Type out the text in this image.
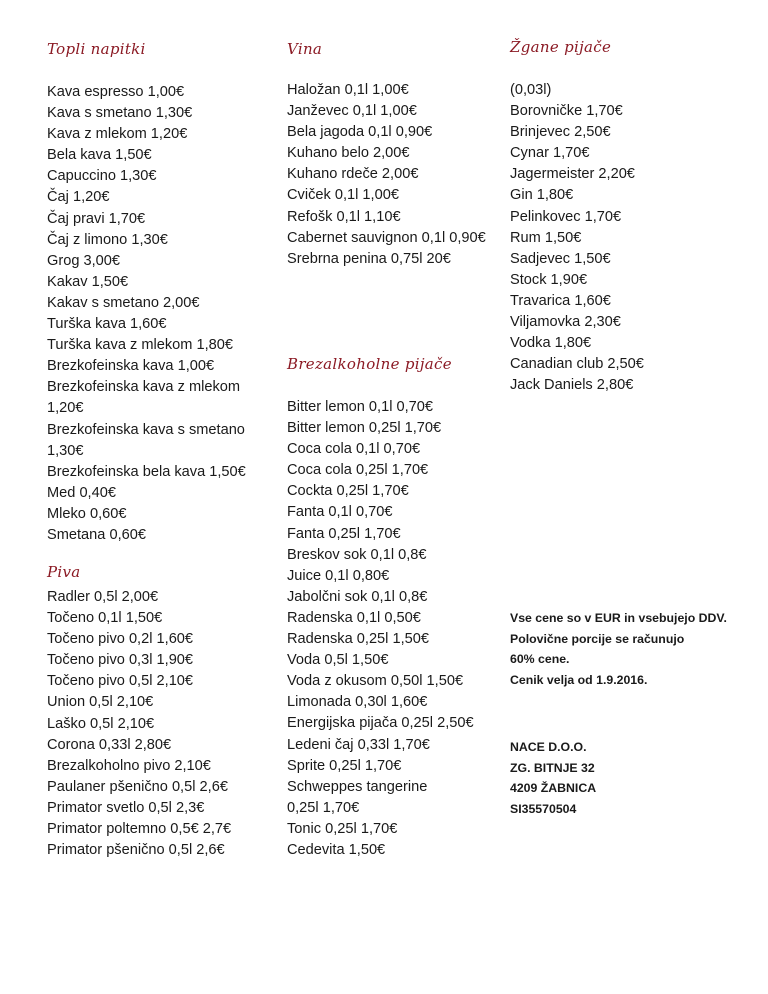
Topli napitki
Kava espresso 1,00€
Kava s smetano 1,30€
Kava z mlekom 1,20€
Bela kava 1,50€
Capuccino 1,30€
Čaj 1,20€
Čaj pravi 1,70€
Čaj z limono 1,30€
Grog 3,00€
Kakav 1,50€
Kakav s smetano 2,00€
Turška kava 1,60€
Turška kava z mlekom 1,80€
Brezkofeinska kava 1,00€
Brezkofeinska kava z mlekom
1,20€
Brezkofeinska kava s smetano
1,30€
Brezkofeinska bela kava 1,50€
Med 0,40€
Mleko 0,60€
Smetana 0,60€
Piva
Radler 0,5l 2,00€
Točeno 0,1l 1,50€
Točeno pivo 0,2l 1,60€
Točeno pivo 0,3l 1,90€
Točeno pivo 0,5l 2,10€
Union 0,5l 2,10€
Laško 0,5l 2,10€
Corona 0,33l 2,80€
Brezalkoholno pivo 2,10€
Paulaner pšenično 0,5l 2,6€
Primator svetlo 0,5l 2,3€
Primator poltemno 0,5€ 2,7€
Primator pšenično 0,5l 2,6€
Vina
Haložan 0,1l 1,00€
Janževec 0,1l 1,00€
Bela jagoda 0,1l 0,90€
Kuhano belo 2,00€
Kuhano rdeče 2,00€
Cviček 0,1l 1,00€
Refošk 0,1l 1,10€
Cabernet sauvignon 0,1l 0,90€
Srebrna penina 0,75l 20€
Brezalkoholne pijače
Bitter lemon 0,1l 0,70€
Bitter lemon 0,25l 1,70€
Coca cola 0,1l 0,70€
Coca cola 0,25l 1,70€
Cockta 0,25l 1,70€
Fanta 0,1l 0,70€
Fanta 0,25l 1,70€
Breskov sok 0,1l 0,8€
Juice 0,1l 0,80€
Jabolčni sok 0,1l 0,8€
Radenska 0,1l 0,50€
Radenska 0,25l 1,50€
Voda 0,5l 1,50€
Voda z okusom 0,50l 1,50€
Limonada 0,30l 1,60€
Energijska pijača 0,25l 2,50€
Ledeni čaj 0,33l 1,70€
Sprite 0,25l 1,70€
Schweppes tangerine
0,25l 1,70€
Tonic 0,25l 1,70€
Cedevita 1,50€
Žgane pijače
(0,03l)
Borovničke 1,70€
Brinjevec 2,50€
Cynar 1,70€
Jagermeister 2,20€
Gin 1,80€
Pelinkovec 1,70€
Rum 1,50€
Sadjevec 1,50€
Stock 1,90€
Travarica 1,60€
Viljamovka 2,30€
Vodka 1,80€
Canadian club 2,50€
Jack Daniels 2,80€
Vse cene so v EUR in vsebujejo DDV.
Polovične porcije se računujo
60% cene.
Cenik velja od 1.9.2016.
NACE D.O.O.
ZG. BITNJE 32
4209 ŽABNICA
SI35570504
